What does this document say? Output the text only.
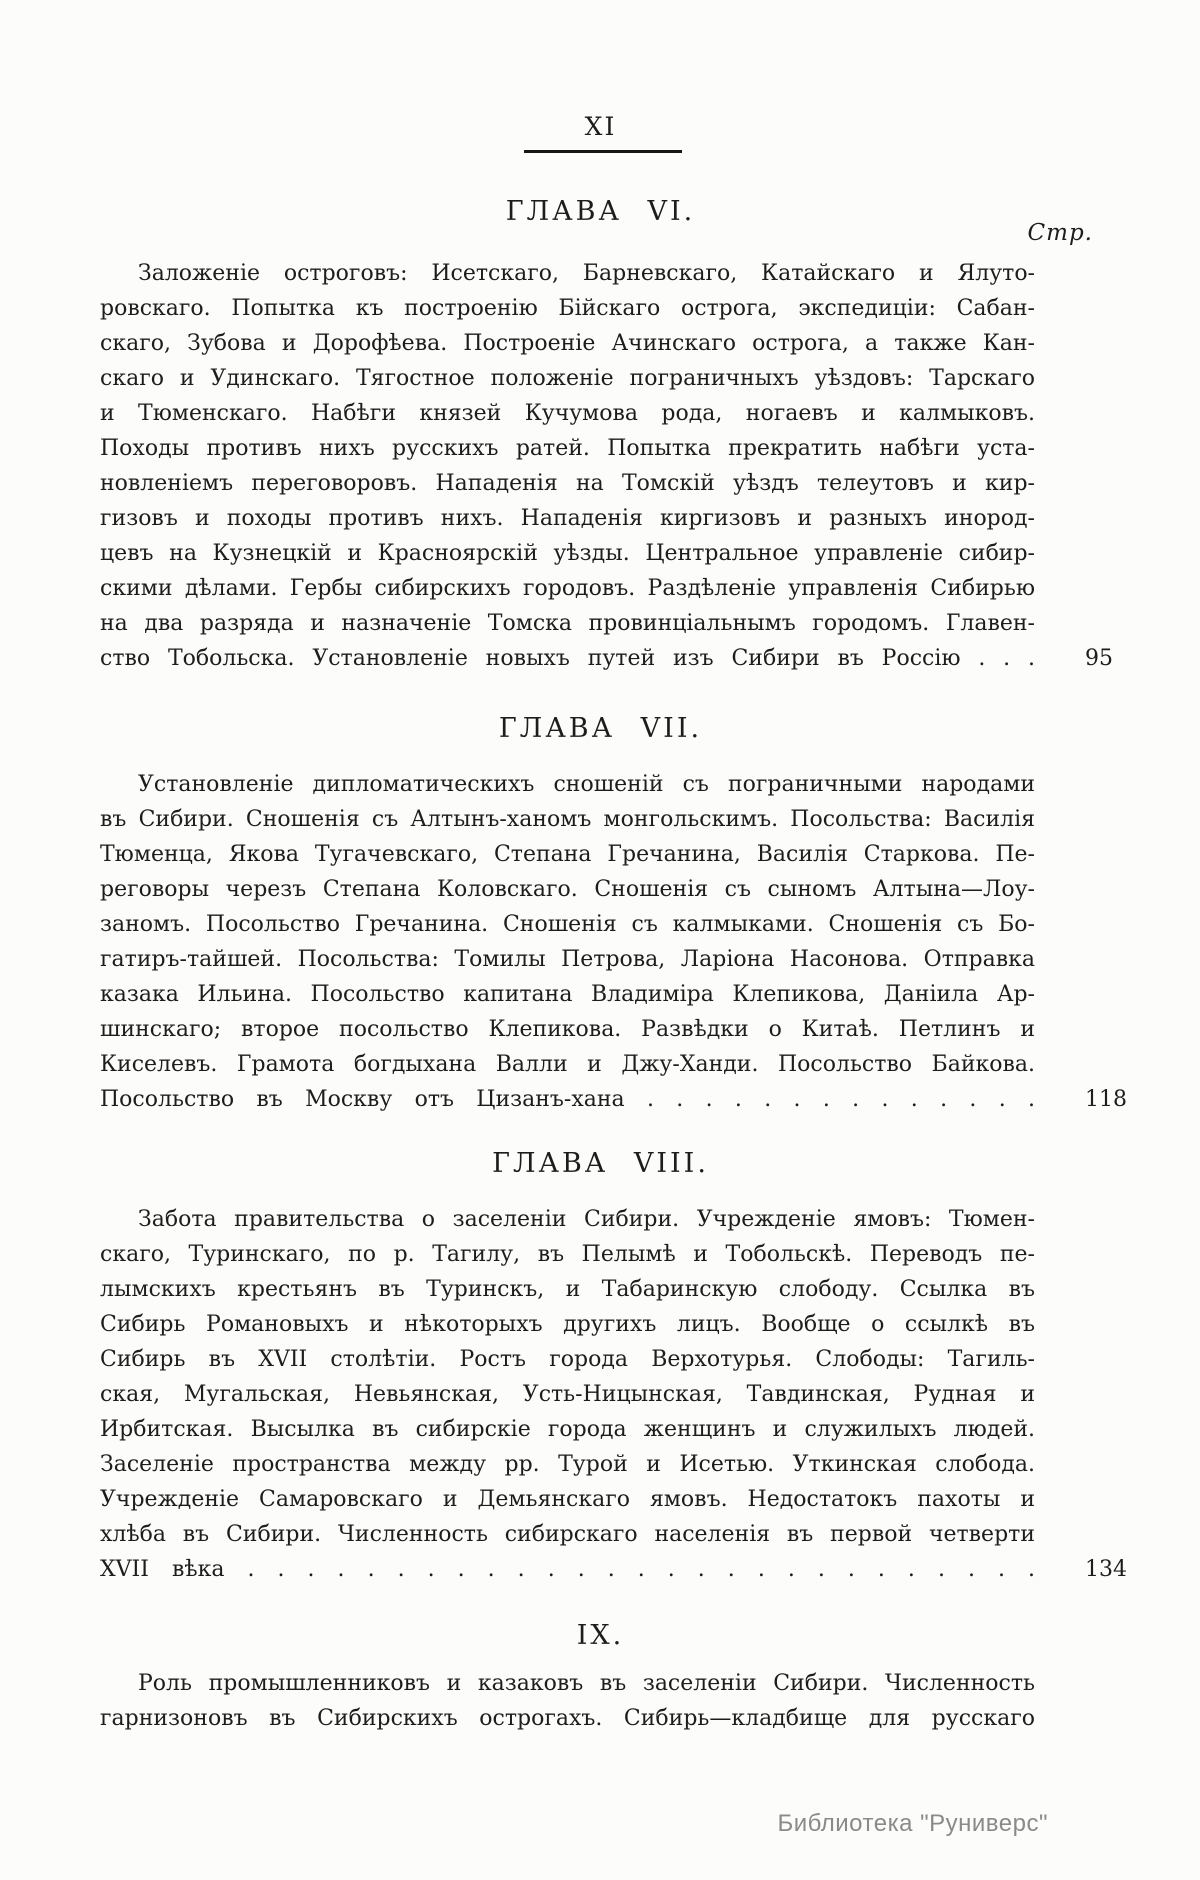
XI
ГЛАВА VI.
Стр.
Заложеніе остроговъ: Исетскаго, Барневскаго, Катайскаго и Ялуто-
ровскаго. Попытка къ построенію Бійскаго острога, экспедиціи: Сабан-
скаго, Зубова и Дорофѣева. Построеніе Ачинскаго острога, а также Кан-
скаго и Удинскаго. Тягостное положеніе пограничныхъ уѣздовъ: Тарскаго
и Тюменскаго. Набѣги князей Кучумова рода, ногаевъ и калмыковъ.
Походы противъ нихъ русскихъ ратей. Попытка прекратить набѣги уста-
новленіемъ переговоровъ. Нападенія на Томскій уѣздъ телеутовъ и кир-
гизовъ и походы противъ нихъ. Нападенія киргизовъ и разныхъ инород-
цевъ на Кузнецкій и Красноярскій уѣзды. Центральное управленіе сибир-
скими дѣлами. Гербы сибирскихъ городовъ. Раздѣленіе управленія Сибирью
на два разряда и назначеніе Томска провинціальнымъ городомъ. Главен-
ство Тобольска. Установленіе новыхъ путей изъ Сибири въ Россію . . . 95
ГЛАВА VII.
Установленіе дипломатическихъ сношеній съ пограничными народами
въ Сибири. Сношенія съ Алтынъ-ханомъ монгольскимъ. Посольства: Василія
Тюменца, Якова Тугачевскаго, Степана Гречанина, Василія Старкова. Пе-
реговоры черезъ Степана Коловскаго. Сношенія съ сыномъ Алтына—Лоу-
заномъ. Посольство Гречанина. Сношенія съ калмыками. Сношенія съ Бо-
гатиръ-тайшей. Посольства: Томилы Петрова, Ларіона Насонова. Отправка
казака Ильина. Посольство капитана Владиміра Клепикова, Даніила Ар-
шинскаго; второе посольство Клепикова. Развѣдки о Китаѣ. Петлинъ и
Киселевъ. Грамота богдыхана Валли и Джу-Ханди. Посольство Байкова.
Посольство въ Москву отъ Цизанъ-хана . . . . . . . . . . . . . . 118
ГЛАВА VIII.
Забота правительства о заселеніи Сибири. Учрежденіе ямовъ: Тюмен-
скаго, Туринскаго, по р. Тагилу, въ Пелымѣ и Тобольскѣ. Переводъ пе-
лымскихъ крестьянъ въ Туринскъ, и Табаринскую слободу. Ссылка въ
Сибирь Романовыхъ и нѣкоторыхъ другихъ лицъ. Вообще о ссылкѣ въ
Сибирь въ XVII столѣтіи. Ростъ города Верхотурья. Слободы: Тагиль-
ская, Мугальская, Невьянская, Усть-Ницынская, Тавдинская, Рудная и
Ирбитская. Высылка въ сибирскіе города женщинъ и служилыхъ людей.
Заселеніе пространства между рр. Турой и Исетью. Уткинская слобода.
Учрежденіе Самаровскаго и Демьянскаго ямовъ. Недостатокъ пахоты и
хлѣба въ Сибири. Численность сибирскаго населенія въ первой четверти
XVII вѣка . . . . . . . . . . . . . . . . . . . . . . . . . . . 134
IX.
Роль промышленниковъ и казаковъ въ заселеніи Сибири. Численность
гарнизоновъ въ Сибирскихъ острогахъ. Сибирь—кладбище для русскаго
Библиотека "Руниверс"
